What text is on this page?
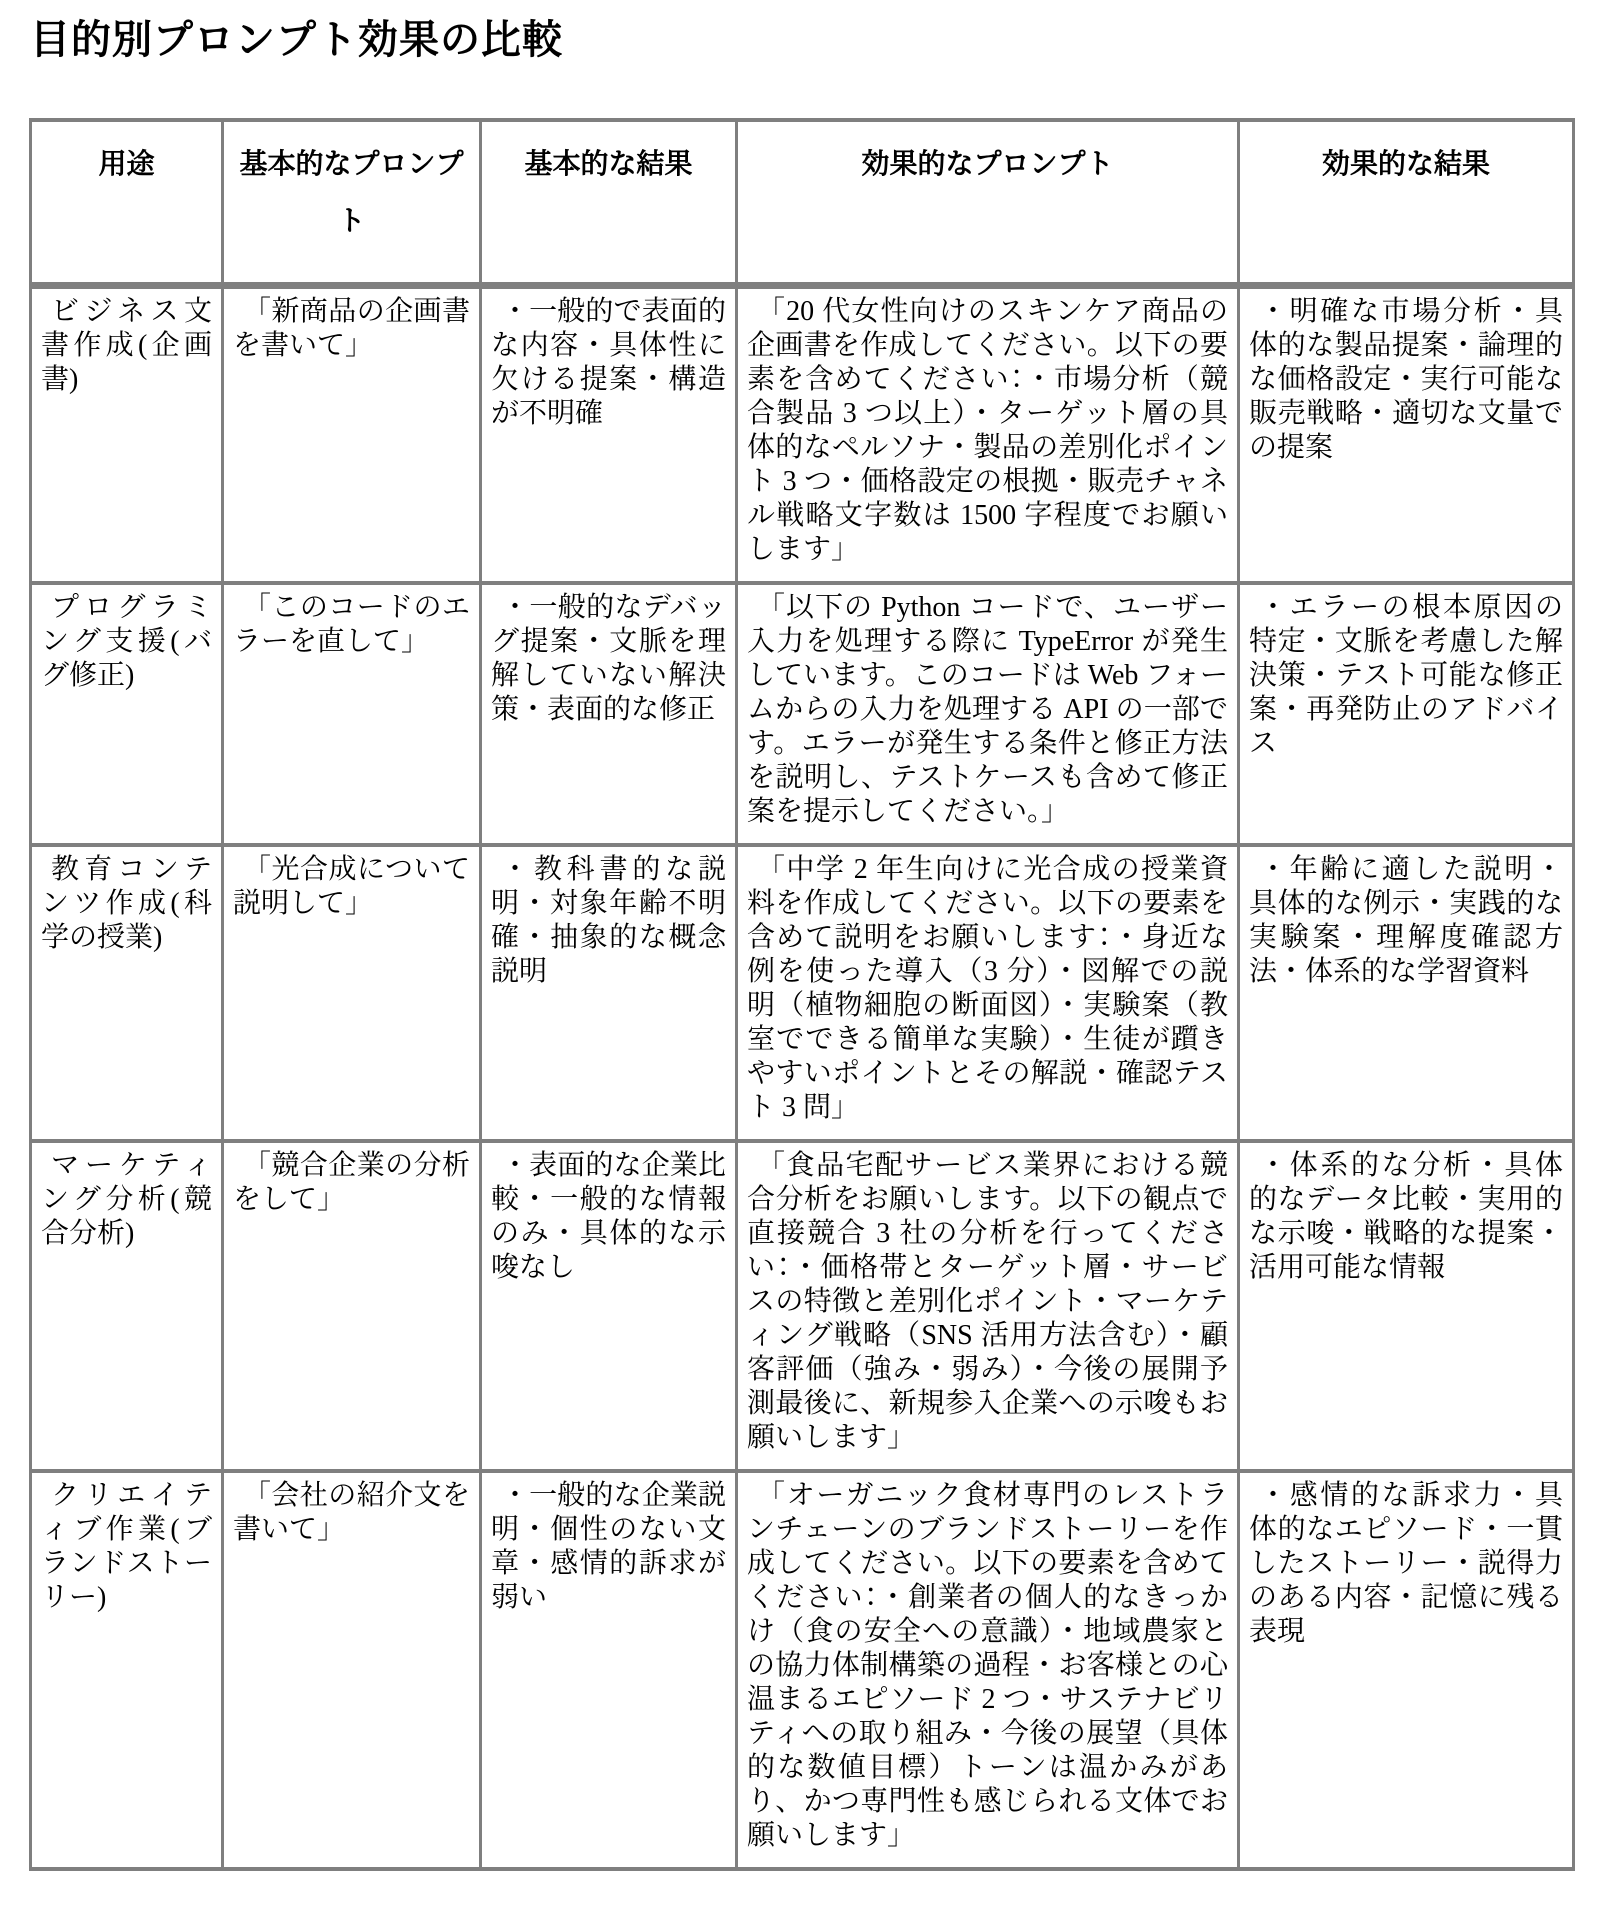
目的別プロンプト効果の比較
用途	基本的なプロンプト	基本的な結果	効果的なプロンプト	効果的な結果
ビジネス文書作成(企画書)	「新商品の企画書を書いて」	・一般的で表面的な内容・具体性に欠ける提案・構造が不明確	「20 代女性向けのスキンケア商品の企画書を作成してください。以下の要素を含めてください：・市場分析（競合製品 3 つ以上）・ターゲット層の具体的なペルソナ・製品の差別化ポイント 3 つ・価格設定の根拠・販売チャネル戦略文字数は 1500 字程度でお願いします」	・明確な市場分析・具体的な製品提案・論理的な価格設定・実行可能な販売戦略・適切な文量での提案
プログラミング支援(バグ修正)	「このコードのエラーを直して」	・一般的なデバッグ提案・文脈を理解していない解決策・表面的な修正	「以下の Python コードで、ユーザー入力を処理する際に TypeError が発生しています。このコードは Web フォームからの入力を処理する API の一部です。エラーが発生する条件と修正方法を説明し、テストケースも含めて修正案を提示してください。」	・エラーの根本原因の特定・文脈を考慮した解決策・テスト可能な修正案・再発防止のアドバイス
教育コンテンツ作成(科学の授業)	「光合成について説明して」	・教科書的な説明・対象年齢不明確・抽象的な概念説明	「中学 2 年生向けに光合成の授業資料を作成してください。以下の要素を含めて説明をお願いします：・身近な例を使った導入（3 分）・図解での説明（植物細胞の断面図）・実験案（教室でできる簡単な実験）・生徒が躓きやすいポイントとその解説・確認テスト 3 問」	・年齢に適した説明・具体的な例示・実践的な実験案・理解度確認方法・体系的な学習資料
マーケティング分析(競合分析)	「競合企業の分析をして」	・表面的な企業比較・一般的な情報のみ・具体的な示唆なし	「食品宅配サービス業界における競合分析をお願いします。以下の観点で直接競合 3 社の分析を行ってください：・価格帯とターゲット層・サービスの特徴と差別化ポイント・マーケティング戦略（SNS 活用方法含む）・顧客評価（強み・弱み）・今後の展開予測最後に、新規参入企業への示唆もお願いします」	・体系的な分析・具体的なデータ比較・実用的な示唆・戦略的な提案・活用可能な情報
クリエイティブ作業(ブランドストーリー)	「会社の紹介文を書いて」	・一般的な企業説明・個性のない文章・感情的訴求が弱い	「オーガニック食材専門のレストランチェーンのブランドストーリーを作成してください。以下の要素を含めてください：・創業者の個人的なきっかけ（食の安全への意識）・地域農家との協力体制構築の過程・お客様との心温まるエピソード 2 つ・サステナビリティへの取り組み・今後の展望（具体的な数値目標）トーンは温かみがあり、かつ専門性も感じられる文体でお願いします」	・感情的な訴求力・具体的なエピソード・一貫したストーリー・説得力のある内容・記憶に残る表現
